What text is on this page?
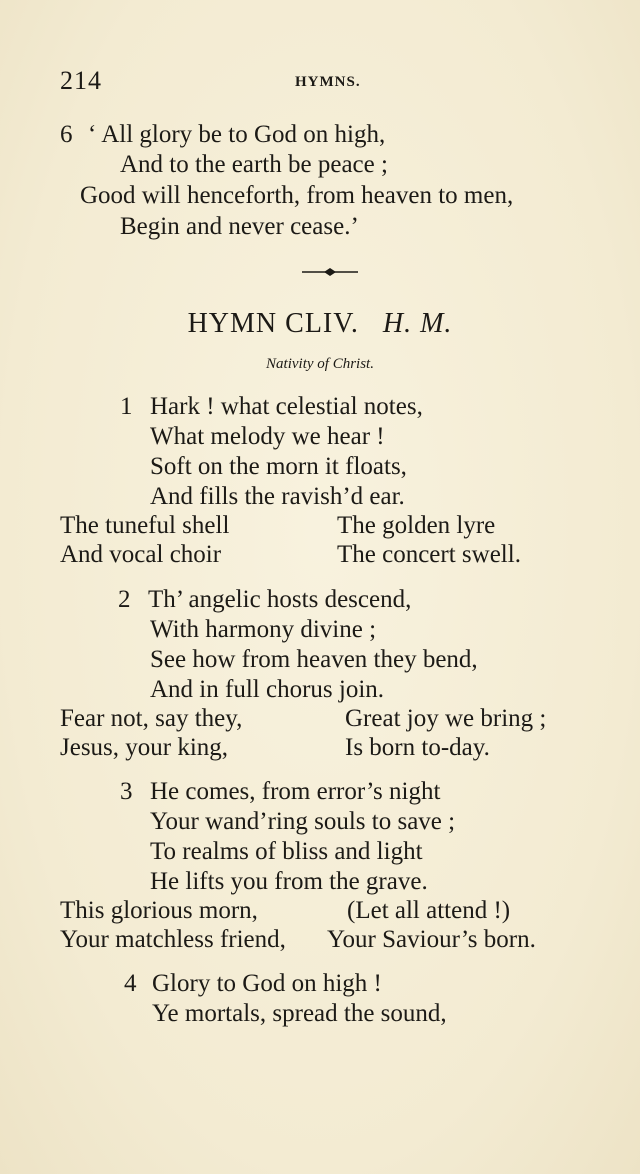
214	HYMNS.
6 ‘ All glory be to God on high,
And to the earth be peace ;
Good will henceforth, from heaven to men,
Begin and never cease.’
HYMN CLIV. H. M.
Nativity of Christ.
1 Hark ! what celestial notes,
What melody we hear !
Soft on the morn it floats,
And fills the ravish’d ear.
The tuneful shell	The golden lyre
And vocal choir	The concert swell.
2 Th’ angelic hosts descend,
With harmony divine ;
See how from heaven they bend,
And in full chorus join.
Fear not, say they,	Great joy we bring ;
Jesus, your king,	Is born to-day.
3 He comes, from error’s night
Your wand’ring souls to save ;
To realms of bliss and light
He lifts you from the grave.
This glorious morn,	(Let all attend !)
Your matchless friend, Your Saviour’s born.
4 Glory to God on high !
Ye mortals, spread the sound,
